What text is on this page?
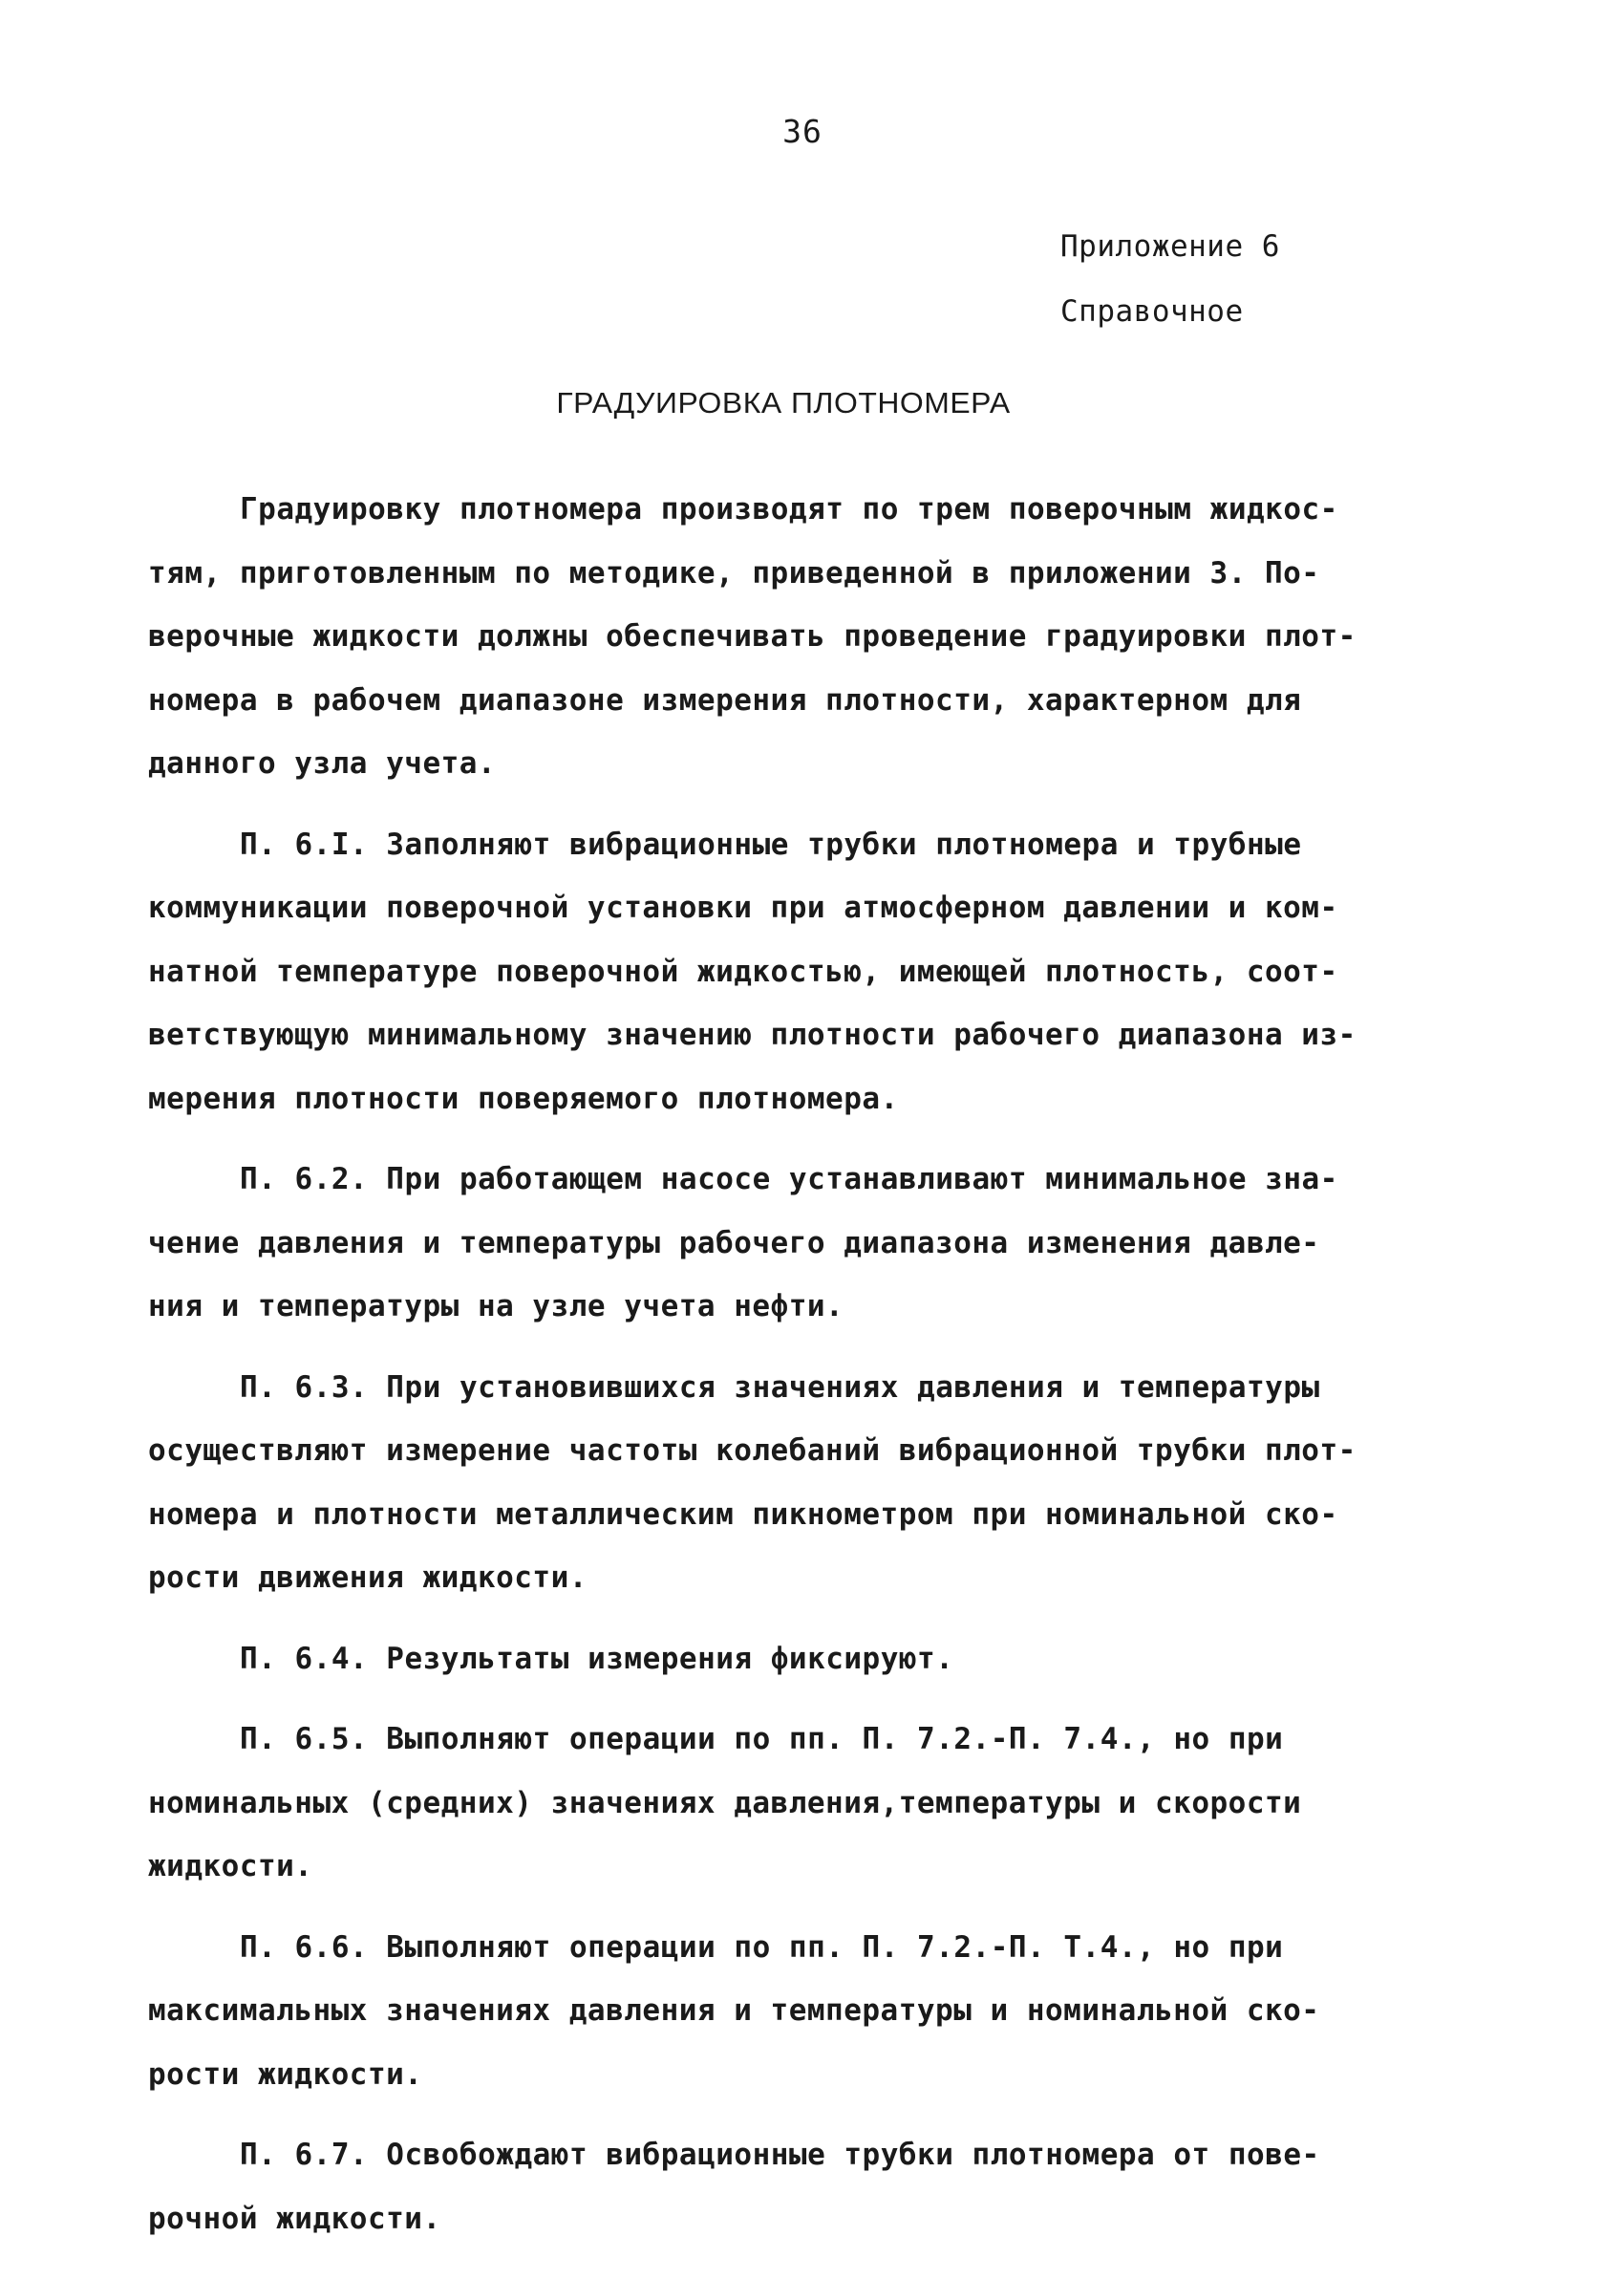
36
Приложение 6
Справочное
ГРАДУИРОВКА ПЛОТНОМЕРА
Градуировку плотномера производят по трем поверочным жидкос-
тям, приготовленным по методике, приведенной в приложении 3. По-
верочные жидкости должны обеспечивать проведение градуировки плот-
номера в рабочем диапазоне измерения плотности, характерном для
данного узла учета.
П. 6.I. Заполняют вибрационные трубки плотномера и трубные
коммуникации поверочной установки при атмосферном давлении и ком-
натной температуре поверочной жидкостью, имеющей плотность, соот-
ветствующую минимальному значению плотности рабочего диапазона из-
мерения плотности поверяемого плотномера.
П. 6.2. При работающем насосе устанавливают минимальное зна-
чение давления и температуры рабочего диапазона изменения давле-
ния и температуры на узле учета нефти.
П. 6.3. При установившихся значениях давления и температуры
осуществляют измерение частоты колебаний вибрационной трубки плот-
номера и плотности металлическим пикнометром при номинальной ско-
рости движения жидкости.
П. 6.4. Результаты измерения фиксируют.
П. 6.5. Выполняют операции по пп. П. 7.2.-П. 7.4., но при
номинальных (средних) значениях давления,температуры и скорости
жидкости.
П. 6.6. Выполняют операции по пп. П. 7.2.-П. Т.4., но при
максимальных значениях давления и температуры и номинальной ско-
рости жидкости.
П. 6.7. Освобождают вибрационные трубки плотномера от пове-
рочной жидкости.
